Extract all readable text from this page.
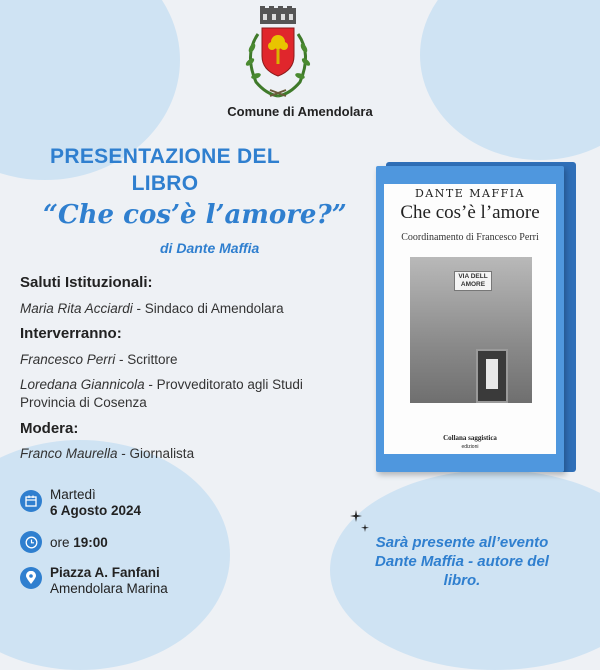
Comune di Amendolara
PRESENTAZIONE DEL
LIBRO
“Che cos’è l’amore?”
di Dante Maffia
Saluti Istituzionali:
Maria Rita Acciardi - Sindaco di Amendolara
Interverranno:
Francesco Perri - Scrittore
Loredana Giannicola - Provveditorato agli Studi Provincia di Cosenza
Modera:
Franco Maurella - Giornalista
DANTE MAFFIA
Che cos’è l’amore
Coordinamento di Francesco Perri
VIA DELL AMORE
Collana saggistica
edizioni
Martedì
6 Agosto 2024
ore 19:00
Piazza A. Fanfani
Amendolara Marina
Sarà presente all’evento Dante Maffia - autore del libro.
